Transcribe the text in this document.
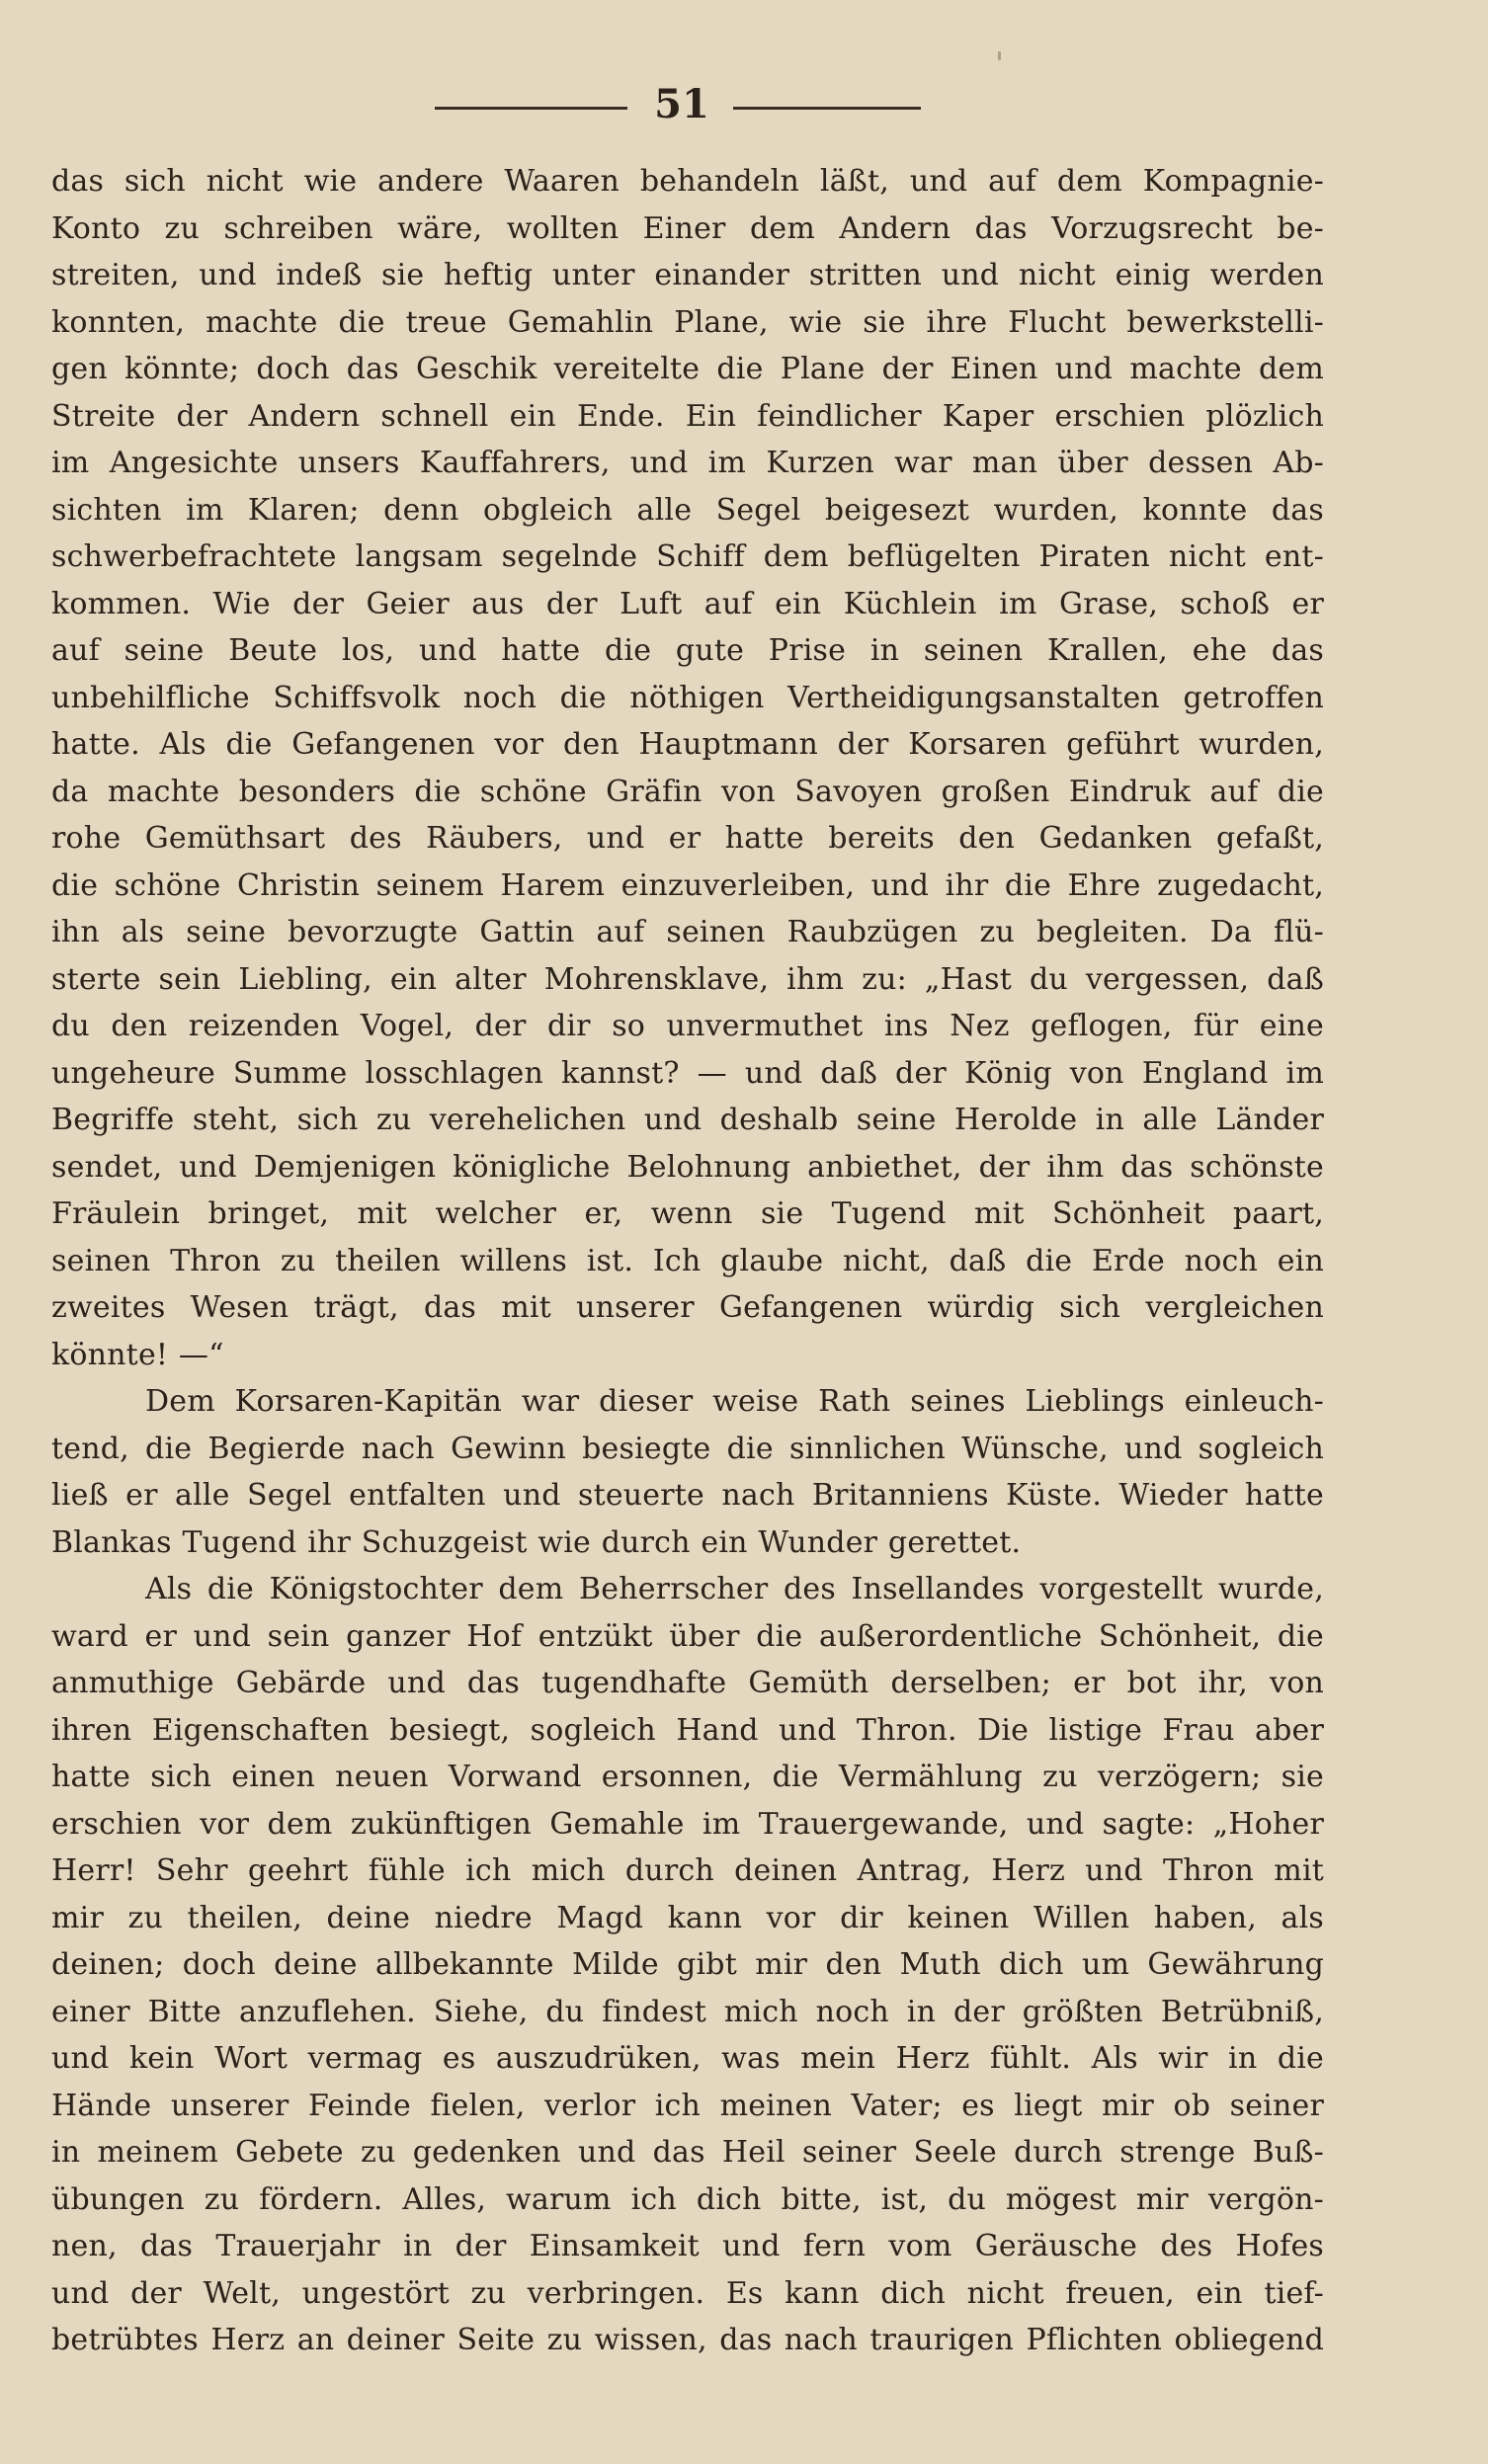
51
das sich nicht wie andere Waaren behandeln läßt, und auf dem Kompagnie-
Konto zu schreiben wäre, wollten Einer dem Andern das Vorzugsrecht be-
streiten, und indeß sie heftig unter einander stritten und nicht einig werden
konnten, machte die treue Gemahlin Plane, wie sie ihre Flucht bewerkstelli-
gen könnte; doch das Geschik vereitelte die Plane der Einen und machte dem
Streite der Andern schnell ein Ende. Ein feindlicher Kaper erschien plözlich
im Angesichte unsers Kauffahrers, und im Kurzen war man über dessen Ab-
sichten im Klaren; denn obgleich alle Segel beigesezt wurden, konnte das
schwerbefrachtete langsam segelnde Schiff dem beflügelten Piraten nicht ent-
kommen. Wie der Geier aus der Luft auf ein Küchlein im Grase, schoß er
auf seine Beute los, und hatte die gute Prise in seinen Krallen, ehe das
unbehilfliche Schiffsvolk noch die nöthigen Vertheidigungsanstalten getroffen
hatte. Als die Gefangenen vor den Hauptmann der Korsaren geführt wurden,
da machte besonders die schöne Gräfin von Savoyen großen Eindruk auf die
rohe Gemüthsart des Räubers, und er hatte bereits den Gedanken gefaßt,
die schöne Christin seinem Harem einzuverleiben, und ihr die Ehre zugedacht,
ihn als seine bevorzugte Gattin auf seinen Raubzügen zu begleiten. Da flü-
sterte sein Liebling, ein alter Mohrensklave, ihm zu: „Hast du vergessen, daß
du den reizenden Vogel, der dir so unvermuthet ins Nez geflogen, für eine
ungeheure Summe losschlagen kannst? — und daß der König von England im
Begriffe steht, sich zu verehelichen und deshalb seine Herolde in alle Länder
sendet, und Demjenigen königliche Belohnung anbiethet, der ihm das schönste
Fräulein bringet, mit welcher er, wenn sie Tugend mit Schönheit paart,
seinen Thron zu theilen willens ist. Ich glaube nicht, daß die Erde noch ein
zweites Wesen trägt, das mit unserer Gefangenen würdig sich vergleichen
könnte! —“
Dem Korsaren-Kapitän war dieser weise Rath seines Lieblings einleuch-
tend, die Begierde nach Gewinn besiegte die sinnlichen Wünsche, und sogleich
ließ er alle Segel entfalten und steuerte nach Britanniens Küste. Wieder hatte
Blankas Tugend ihr Schuzgeist wie durch ein Wunder gerettet.
Als die Königstochter dem Beherrscher des Insellandes vorgestellt wurde,
ward er und sein ganzer Hof entzükt über die außerordentliche Schönheit, die
anmuthige Gebärde und das tugendhafte Gemüth derselben; er bot ihr, von
ihren Eigenschaften besiegt, sogleich Hand und Thron. Die listige Frau aber
hatte sich einen neuen Vorwand ersonnen, die Vermählung zu verzögern; sie
erschien vor dem zukünftigen Gemahle im Trauergewande, und sagte: „Hoher
Herr! Sehr geehrt fühle ich mich durch deinen Antrag, Herz und Thron mit
mir zu theilen, deine niedre Magd kann vor dir keinen Willen haben, als
deinen; doch deine allbekannte Milde gibt mir den Muth dich um Gewährung
einer Bitte anzuflehen. Siehe, du findest mich noch in der größten Betrübniß,
und kein Wort vermag es auszudrüken, was mein Herz fühlt. Als wir in die
Hände unserer Feinde fielen, verlor ich meinen Vater; es liegt mir ob seiner
in meinem Gebete zu gedenken und das Heil seiner Seele durch strenge Buß-
übungen zu fördern. Alles, warum ich dich bitte, ist, du mögest mir vergön-
nen, das Trauerjahr in der Einsamkeit und fern vom Geräusche des Hofes
und der Welt, ungestört zu verbringen. Es kann dich nicht freuen, ein tief-
betrübtes Herz an deiner Seite zu wissen, das nach traurigen Pflichten obliegend
